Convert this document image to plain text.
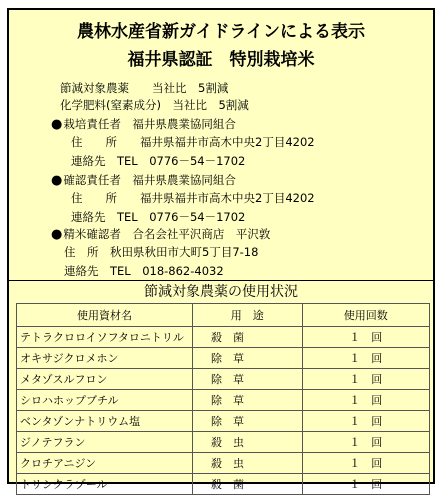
農林水産省新ガイドラインによる表示
福井県認証　特別栽培米
節減対象農薬　　当社比　5割減
化学肥料(窒素成分)　当社比　5割減
●栽培責任者　福井県農業協同組合
住　　所　　福井県福井市高木中央2丁目4202
連絡先　TEL　0776－54－1702
●確認責任者　福井県農業協同組合
住　　所　　福井県福井市高木中央2丁目4202
連絡先　TEL　0776－54－1702
●精米確認者　合名会社平沢商店　平沢敦
住　所　秋田県秋田市大町5丁目7-18
連絡先　TEL　018-862-4032
節減対象農薬の使用状況
使用資材名	用　途	使用回数
テトラクロロイソフタロニトリル	殺　菌	１　回
オキサジクロメホン	除　草	１　回
メタゾスルフロン	除　草	１　回
シロハホップブチル	除　草	１　回
ベンタゾンナトリウム塩	除　草	１　回
ジノテフラン	殺　虫	１　回
クロチアニジン	殺　虫	１　回
トリシクラゾール	殺　菌	１　回
